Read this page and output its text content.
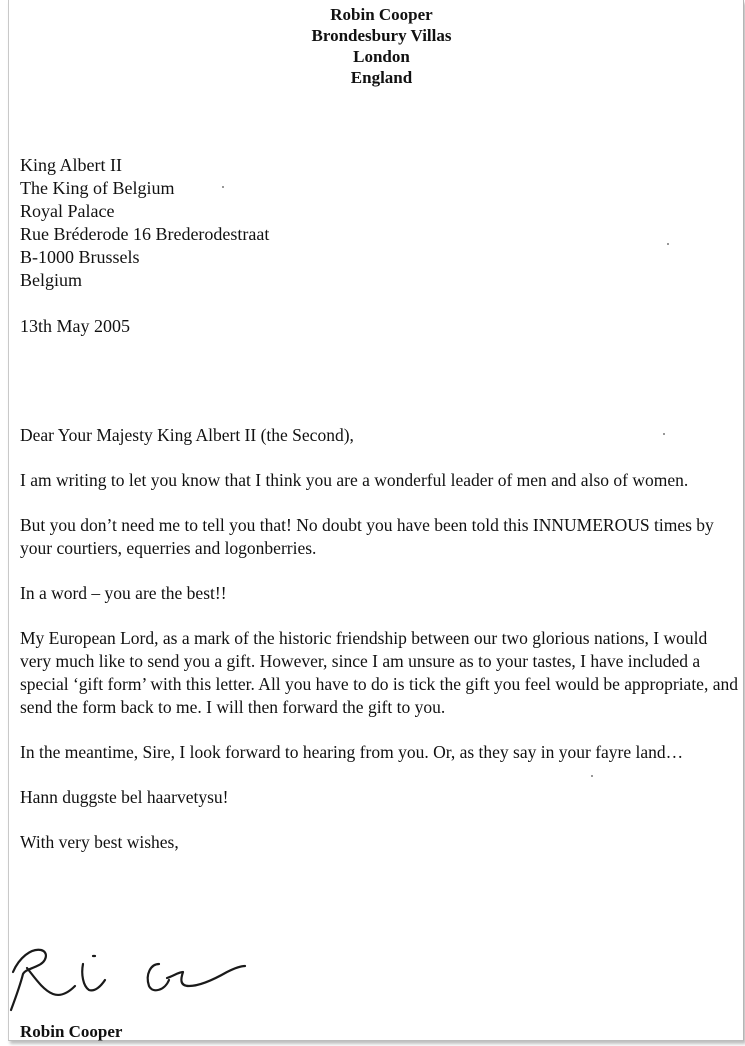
Robin Cooper
Brondesbury Villas
London
England
King Albert II
The King of Belgium
Royal Palace
Rue Bréderode 16 Brederodestraat
B-1000 Brussels
Belgium
13th May 2005

Dear Your Majesty King Albert II (the Second),

I am writing to let you know that I think you are a wonderful leader of men and also of women.

But you don’t need me to tell you that! No doubt you have been told this INNUMEROUS times by your courtiers, equerries and logonberries.

In a word – you are the best!!

My European Lord, as a mark of the historic friendship between our two glorious nations, I would very much like to send you a gift. However, since I am unsure as to your tastes, I have included a special ‘gift form’ with this letter. All you have to do is tick the gift you feel would be appropriate, and send the form back to me. I will then forward the gift to you.

In the meantime, Sire, I look forward to hearing from you. Or, as they say in your fayre land…

Hann duggste bel haarvetysu!

With very best wishes,

Robin Cooper
